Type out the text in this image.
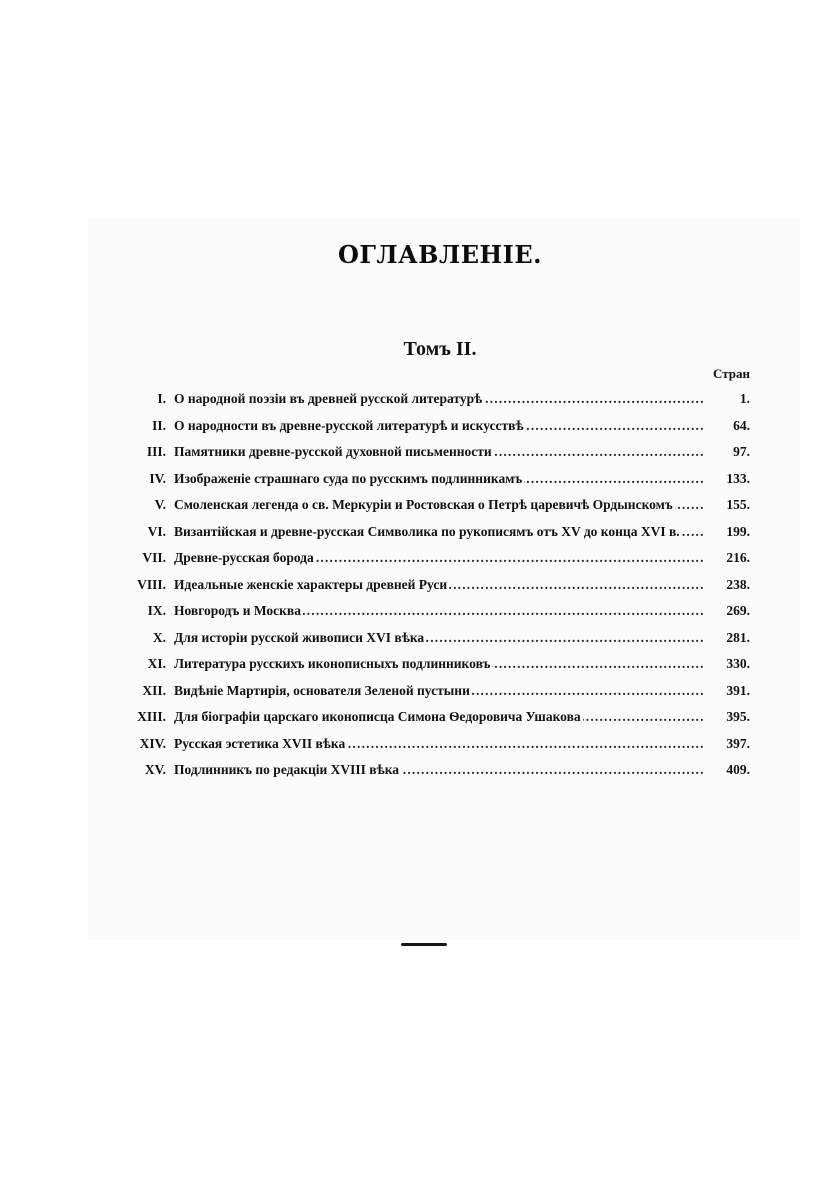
ОГЛАВЛЕНІЕ.
Томъ II.
Стран
I. О народной поэзіи въ древней русской литературѣ .....	1.
II. О народности въ древне-русской литературѣ и искусствѣ .....	64.
III. Памятники древне-русской духовной письменности .....	97.
IV. Изображеніе страшнаго суда по русскимъ подлинникамъ .....	133.
V. Смоленская легенда о св. Меркуріи и Ростовская о Петрѣ царевичѣ Ордынскомъ .....	155.
VI. Византійская и древне-русская Символика по рукописямъ отъ XV до конца XVI в. .....	199.
VII. Древне-русская борода .....	216.
VIII. Идеальные женскіе характеры древней Руси .....	238.
IX. Новгородъ и Москва .....	269.
X. Для исторіи русской живописи XVI вѣка .....	281.
XI. Литература русскихъ иконописныхъ подлинниковъ .....	330.
XII. Видѣніе Мартирія, основателя Зеленой пустыни .....	391.
XIII. Для біографіи царскаго иконописца Симона Ѳедоровича Ушакова .....	395.
XIV. Русская эстетика XVII вѣка .....	397.
XV. Подлинникъ по редакціи XVIII вѣка .....	409.
